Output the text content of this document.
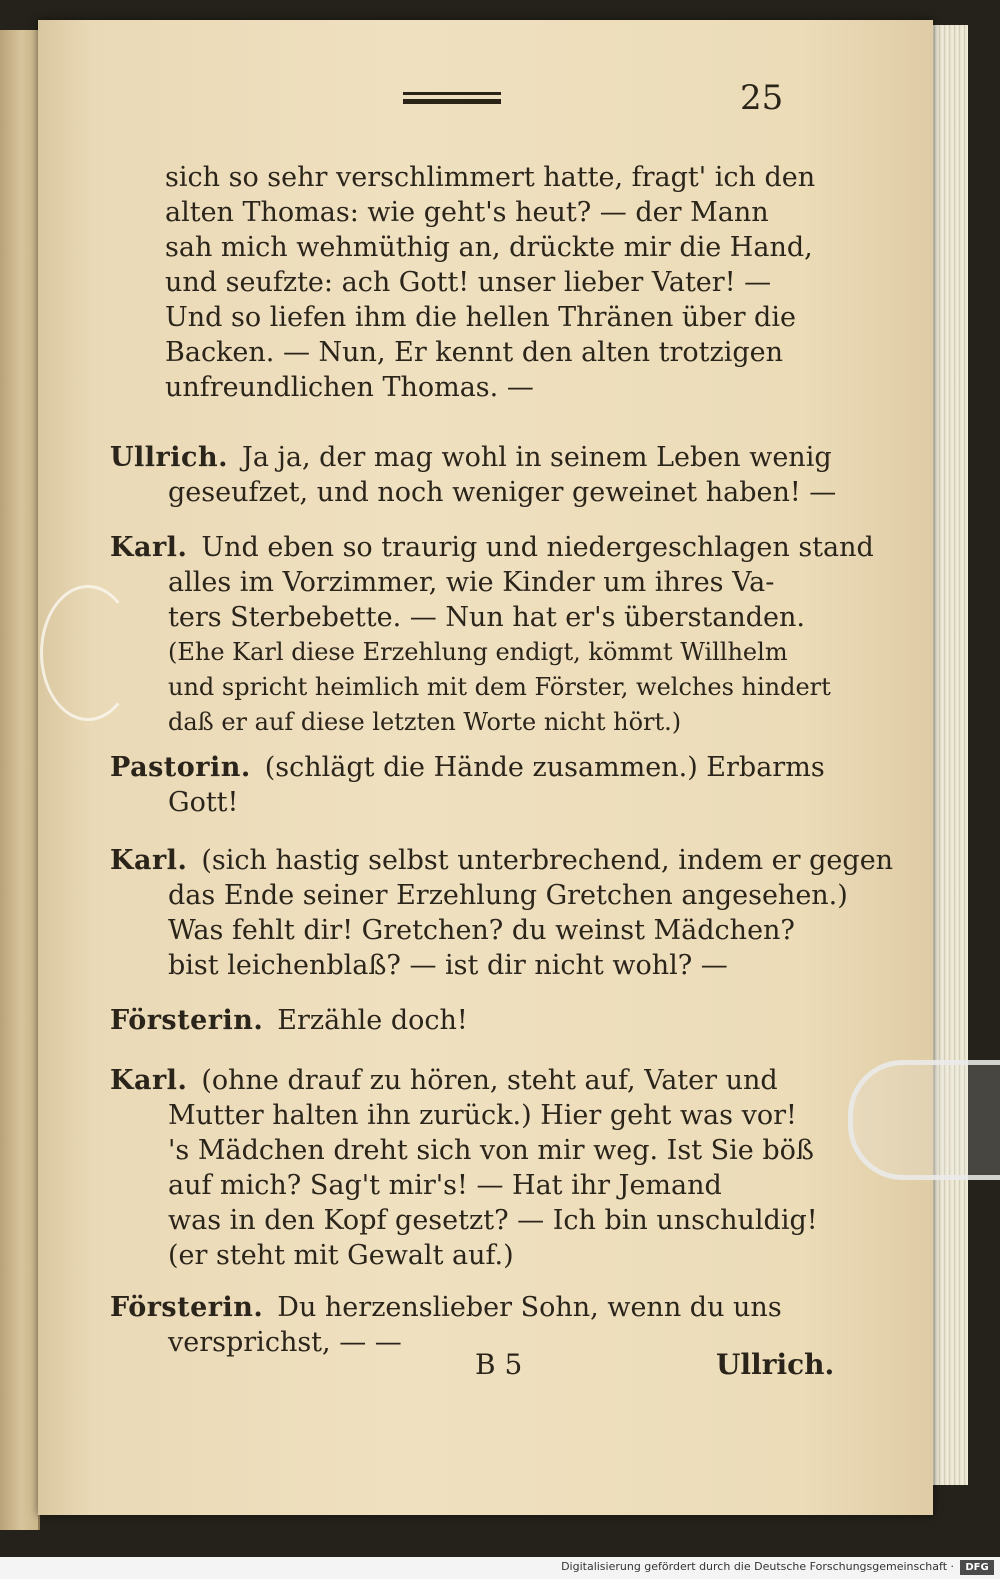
25
sich so sehr verschlimmert hatte, fragt' ich den
alten Thomas: wie geht's heut? — der Mann
sah mich wehmüthig an, drückte mir die Hand,
und seufzte: ach Gott! unser lieber Vater! —
Und so liefen ihm die hellen Thränen über die
Backen. — Nun, Er kennt den alten trotzigen
unfreundlichen Thomas. —
Ullrich. Ja ja, der mag wohl in seinem Leben wenig
geseufzet, und noch weniger geweinet haben! —
Karl. Und eben so traurig und niedergeschlagen stand
alles im Vorzimmer, wie Kinder um ihres Va-
ters Sterbebette. — Nun hat er's überstanden.
(Ehe Karl diese Erzehlung endigt, kömmt Willhelm
und spricht heimlich mit dem Förster, welches hindert
daß er auf diese letzten Worte nicht hört.)
Pastorin. (schlägt die Hände zusammen.) Erbarms
Gott!
Karl. (sich hastig selbst unterbrechend, indem er gegen
das Ende seiner Erzehlung Gretchen angesehen.)
Was fehlt dir! Gretchen? du weinst Mädchen?
bist leichenblaß? — ist dir nicht wohl? —
Försterin. Erzähle doch!
Karl. (ohne drauf zu hören, steht auf, Vater und
Mutter halten ihn zurück.) Hier geht was vor!
's Mädchen dreht sich von mir weg. Ist Sie böß
auf mich? Sag't mir's! — Hat ihr Jemand
was in den Kopf gesetzt? — Ich bin unschuldig!
(er steht mit Gewalt auf.)
Försterin. Du herzenslieber Sohn, wenn du uns
versprichst, — —
B 5	Ullrich.
Digitalisierung gefördert durch die Deutsche Forschungsgemeinschaft ·	DFG
